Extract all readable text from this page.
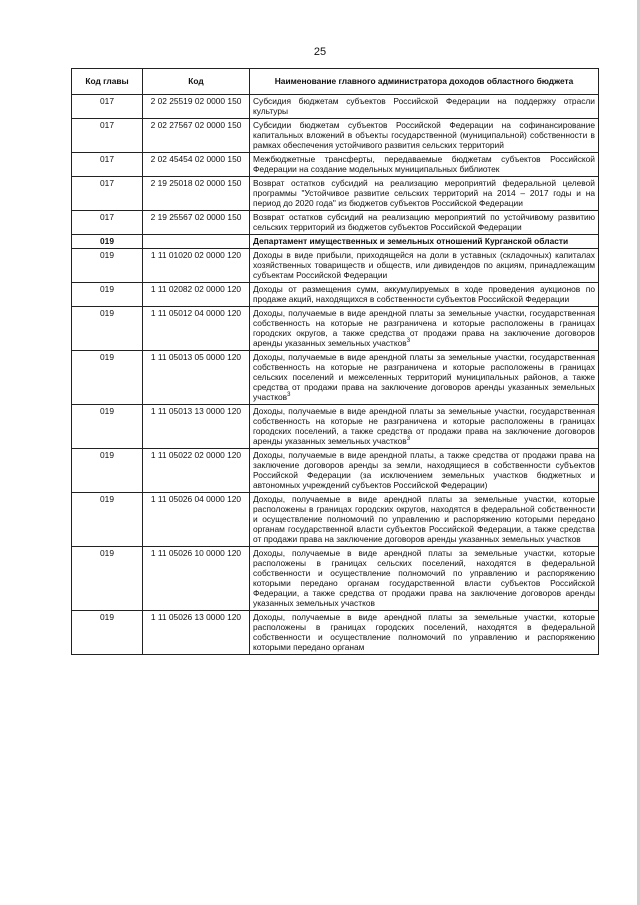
25
Код главы	Код	Наименование главного администратора доходов областного бюджета
017	2 02 25519 02 0000 150	Субсидия бюджетам субъектов Российской Федерации на поддержку отрасли культуры
017	2 02 27567 02 0000 150	Субсидии бюджетам субъектов Российской Федерации на софинансирование капитальных вложений в объекты государственной (муниципальной) собственности в рамках обеспечения устойчивого развития сельских территорий
017	2 02 45454 02 0000 150	Межбюджетные трансферты, передаваемые бюджетам субъектов Российской Федерации на создание модельных муниципальных библиотек
017	2 19 25018 02 0000 150	Возврат остатков субсидий на реализацию мероприятий федеральной целевой программы "Устойчивое развитие сельских территорий на 2014 – 2017 годы и на период до 2020 года" из бюджетов субъектов Российской Федерации
017	2 19 25567 02 0000 150	Возврат остатков субсидий на реализацию мероприятий по устойчивому развитию сельских территорий из бюджетов субъектов Российской Федерации
019		Департамент имущественных и земельных отношений Курганской области
019	1 11 01020 02 0000 120	Доходы в виде прибыли, приходящейся на доли в уставных (складочных) капиталах хозяйственных товариществ и обществ, или дивидендов по акциям, принадлежащим субъектам Российской Федерации
019	1 11 02082 02 0000 120	Доходы от размещения сумм, аккумулируемых в ходе проведения аукционов по продаже акций, находящихся в собственности субъектов Российской Федерации
019	1 11 05012 04 0000 120	Доходы, получаемые в виде арендной платы за земельные участки, государственная собственность на которые не разграничена и которые расположены в границах городских округов, а также средства от продажи права на заключение договоров аренды указанных земельных участков$^3$
019	1 11 05013 05 0000 120	Доходы, получаемые в виде арендной платы за земельные участки, государственная собственность на которые не разграничена и которые расположены в границах сельских поселений и межселенных территорий муниципальных районов, а также средства от продажи права на заключение договоров аренды указанных земельных участков$^3$
019	1 11 05013 13 0000 120	Доходы, получаемые в виде арендной платы за земельные участки, государственная собственность на которые не разграничена и которые расположены в границах городских поселений, а также средства от продажи права на заключение договоров аренды указанных земельных участков$^3$
019	1 11 05022 02 0000 120	Доходы, получаемые в виде арендной платы, а также средства от продажи права на заключение договоров аренды за земли, находящиеся в собственности субъектов Российской Федерации (за исключением земельных участков бюджетных и автономных учреждений субъектов Российской Федерации)
019	1 11 05026 04 0000 120	Доходы, получаемые в виде арендной платы за земельные участки, которые расположены в границах городских округов, находятся в федеральной собственности и осуществление полномочий по управлению и распоряжению которыми передано органам государственной власти субъектов Российской Федерации, а также средства от продажи права на заключение договоров аренды указанных земельных участков
019	1 11 05026 10 0000 120	Доходы, получаемые в виде арендной платы за земельные участки, которые расположены в границах сельских поселений, находятся в федеральной собственности и осуществление полномочий по управлению и распоряжению которыми передано органам государственной власти субъектов Российской Федерации, а также средства от продажи права на заключение договоров аренды указанных земельных участков
019	1 11 05026 13 0000 120	Доходы, получаемые в виде арендной платы за земельные участки, которые расположены в границах городских поселений, находятся в федеральной собственности и осуществление полномочий по управлению и распоряжению которыми передано органам
